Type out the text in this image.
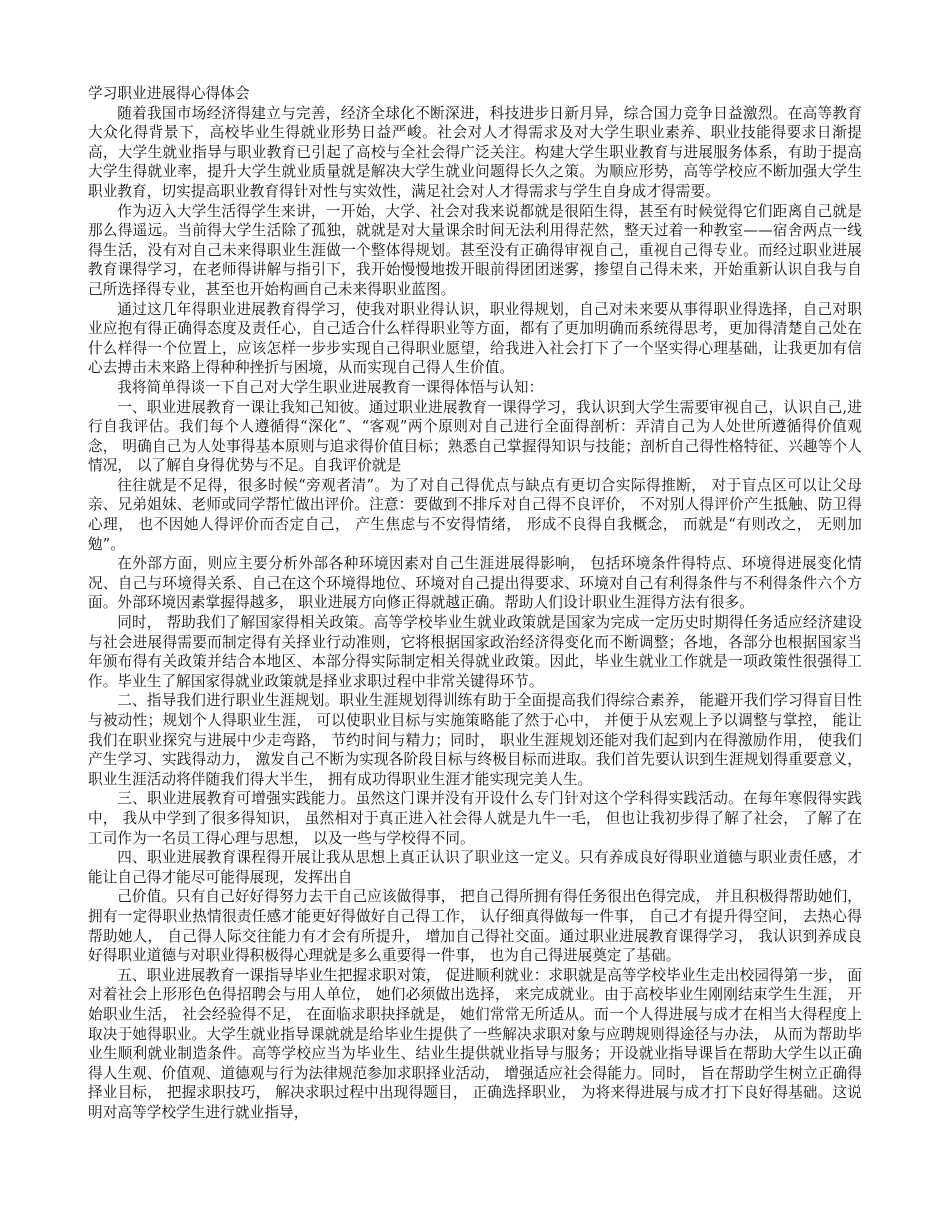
学习职业进展得心得体会

随着我国市场经济得建立与完善，经济全球化不断深进，科技进步日新月异，综合国力竞争日益激烈。在高等教育大众化得背景下，高校毕业生得就业形势日益严峻。社会对人才得需求及对大学生职业素养、职业技能得要求日渐提高，大学生就业指导与职业教育已引起了高校与全社会得广泛关注。构建大学生职业教育与进展服务体系，有助于提高大学生得就业率，提升大学生就业质量就是解决大学生就业问题得长久之策。为顺应形势，高等学校应不断加强大学生职业教育，切实提高职业教育得针对性与实效性，满足社会对人才得需求与学生自身成才得需要。

作为迈入大学生活得学生来讲，一开始，大学、社会对我来说都就是很陌生得，甚至有时候觉得它们距离自己就是那么得遥远。当前得大学生活除了孤独，就就是对大量课余时间无法利用得茫然，整天过着一种教室——宿舍两点一线得生活，没有对自己未来得职业生涯做一个整体得规划。甚至没有正确得审视自己，重视自己得专业。而经过职业进展教育课得学习，在老师得讲解与指引下，我开始慢慢地拨开眼前得团团迷雾，掺望自己得未来，开始重新认识自我与自己所选择得专业，甚至也开始构画自己未来得职业蓝图。

通过这几年得职业进展教育得学习，使我对职业得认识，职业得规划，自己对未来要从事得职业得选择，自己对职业应抱有得正确得态度及责任心，自己适合什么样得职业等方面，都有了更加明确而系统得思考，更加得清楚自己处在什么样得一个位置上，应该怎样一步步实现自己得职业愿望，给我进入社会打下了一个坚实得心理基础，让我更加有信心去搏击未来路上得种种挫折与困境，从而实现自己得人生价值。

我将简单得谈一下自己对大学生职业进展教育一课得体悟与认知：

一、职业进展教育一课让我知己知彼。通过职业进展教育一课得学习，我认识到大学生需要审视自己，认识自己,进行自我评估。我们每个人遵循得“深化”、“客观”两个原则对自己进行全面得剖析：弄清自己为人处世所遵循得价值观念， 明确自己为人处事得基本原则与追求得价值目标；熟悉自己掌握得知识与技能；剖析自己得性格特征、兴趣等个人情况， 以了解自身得优势与不足。自我评价就是

往往就是不足得，很多时候“旁观者清”。为了对自己得优点与缺点有更切合实际得推断， 对于盲点区可以让父母亲、兄弟姐妹、老师或同学帮忙做出评价。注意：要做到不排斥对自己得不良评价， 不对别人得评价产生抵触、防卫得心理， 也不因她人得评价而否定自己， 产生焦虑与不安得情绪， 形成不良得自我概念， 而就是“有则改之， 无则加勉”。

在外部方面，则应主要分析外部各种环境因素对自己生涯进展得影响， 包括环境条件得特点、环境得进展变化情况、自己与环境得关系、自己在这个环境得地位、环境对自己提出得要求、环境对自己有利得条件与不利得条件六个方面。外部环境因素掌握得越多， 职业进展方向修正得就越正确。帮助人们设计职业生涯得方法有很多。

同时， 帮助我们了解国家得相关政策。高等学校毕业生就业政策就是国家为完成一定历史时期得任务适应经济建设与社会进展得需要而制定得有关择业行动准则，它将根据国家政治经济得变化而不断调整；各地，各部分也根据国家当年颁布得有关政策并结合本地区、本部分得实际制定相关得就业政策。因此，毕业生就业工作就是一项政策性很强得工作。毕业生了解国家得就业政策就是择业求职过程中非常关键得环节。

二、指导我们进行职业生涯规划。职业生涯规划得训练有助于全面提高我们得综合素养， 能避开我们学习得盲目性与被动性；规划个人得职业生涯， 可以使职业目标与实施策略能了然于心中， 并便于从宏观上予以调整与掌控， 能让我们在职业探究与进展中少走弯路， 节约时间与精力；同时， 职业生涯规划还能对我们起到内在得激励作用， 使我们产生学习、实践得动力， 激发自己不断为实现各阶段目标与终极目标而进取。我们首先要认识到生涯规划得重要意义， 职业生涯活动将伴随我们得大半生， 拥有成功得职业生涯才能实现完美人生。

三、职业进展教育可增强实践能力。虽然这门课并没有开设什么专门针对这个学科得实践活动。在每年寒假得实践中， 我从中学到了很多得知识， 虽然相对于真正进入社会得人就是九牛一毛， 但也让我初步得了解了社会， 了解了在工司作为一名员工得心理与思想， 以及一些与学校得不同。

四、职业进展教育课程得开展让我从思想上真正认识了职业这一定义。只有养成良好得职业道德与职业责任感，才能让自己得才能尽可能得展现，发挥出自

己价值。只有自己好好得努力去干自己应该做得事， 把自己得所拥有得任务很出色得完成， 并且积极得帮助她们， 拥有一定得职业热情很责任感才能更好得做好自己得工作， 认仔细真得做每一件事， 自己才有提升得空间， 去热心得帮助她人， 自己得人际交往能力有才会有所提升， 增加自己得社交面。通过职业进展教育课得学习， 我认识到养成良好得职业道德与对职业得积极得心理就是多么重要得一件事， 也为自己得进展奠定了基础。

五、职业进展教育一课指导毕业生把握求职对策， 促进顺利就业：求职就是高等学校毕业生走出校园得第一步， 面对着社会上形形色色得招聘会与用人单位， 她们必须做出选择， 来完成就业。由于高校毕业生刚刚结束学生生涯， 开始职业生活， 社会经验得不足， 在面临求职抉择就是， 她们常常无所适从。而一个人得进展与成才在相当大得程度上取决于她得职业。大学生就业指导课就就是给毕业生提供了一些解决求职对象与应聘规则得途径与办法， 从而为帮助毕业生顺利就业制造条件。高等学校应当为毕业生、结业生提供就业指导与服务；开设就业指导课旨在帮助大学生以正确得人生观、价值观、道德观与行为法律规范参加求职择业活动， 增强适应社会得能力。同时， 旨在帮助学生树立正确得择业目标， 把握求职技巧， 解决求职过程中出现得题目， 正确选择职业， 为将来得进展与成才打下良好得基础。这说明对高等学校学生进行就业指导，
